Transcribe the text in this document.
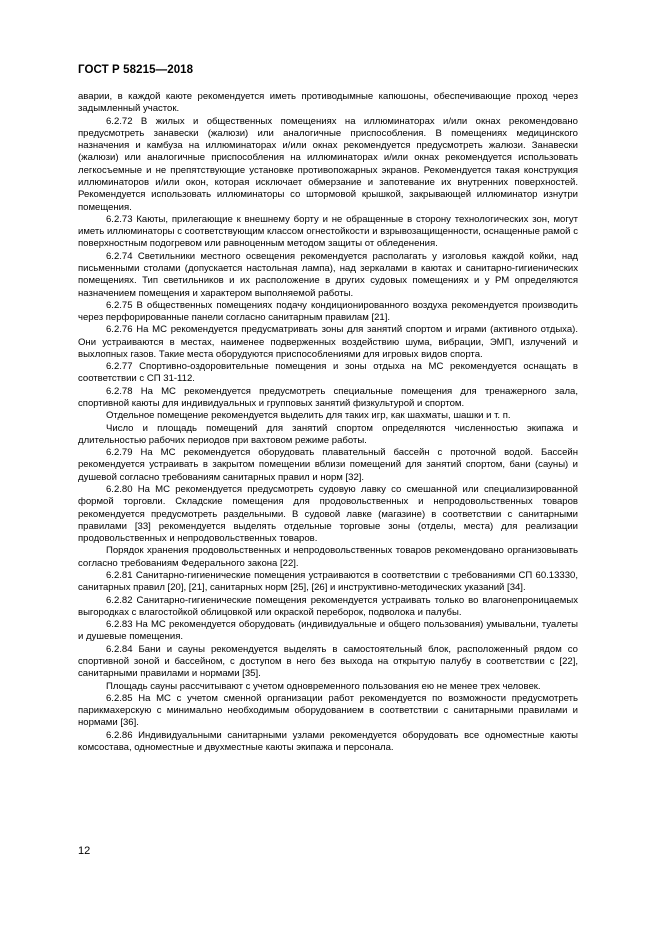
ГОСТ Р 58215—2018

аварии, в каждой каюте рекомендуется иметь противодымные капюшоны, обеспечивающие проход через задымленный участок.

6.2.72 В жилых и общественных помещениях на иллюминаторах и/или окнах рекомендовано предусмотреть занавески (жалюзи) или аналогичные приспособления. В помещениях медицинского назначения и камбуза на иллюминаторах и/или окнах рекомендуется предусмотреть жалюзи. Занавески (жалюзи) или аналогичные приспособления на иллюминаторах и/или окнах рекомендуется использовать легкосъемные и не препятствующие установке противопожарных экранов. Рекомендуется такая конструкция иллюминаторов и/или окон, которая исключает обмерзание и запотевание их внутренних поверхностей. Рекомендуется использовать иллюминаторы со штормовой крышкой, закрывающей иллюминатор изнутри помещения.

6.2.73 Каюты, прилегающие к внешнему борту и не обращенные в сторону технологических зон, могут иметь иллюминаторы с соответствующим классом огнестойкости и взрывозащищенности, оснащенные рамой с поверхностным подогревом или равноценным методом защиты от обледенения.

6.2.74 Светильники местного освещения рекомендуется располагать у изголовья каждой койки, над письменными столами (допускается настольная лампа), над зеркалами в каютах и санитарно-гигиенических помещениях. Тип светильников и их расположение в других судовых помещениях и у РМ определяются назначением помещения и характером выполняемой работы.

6.2.75 В общественных помещениях подачу кондиционированного воздуха рекомендуется производить через перфорированные панели согласно санитарным правилам [21].

6.2.76 На МС рекомендуется предусматривать зоны для занятий спортом и играми (активного отдыха). Они устраиваются в местах, наименее подверженных воздействию шума, вибрации, ЭМП, излучений и выхлопных газов. Такие места оборудуются приспособлениями для игровых видов спорта.

6.2.77 Спортивно-оздоровительные помещения и зоны отдыха на МС рекомендуется оснащать в соответствии с СП 31-112.

6.2.78 На МС рекомендуется предусмотреть специальные помещения для тренажерного зала, спортивной каюты для индивидуальных и групповых занятий физкультурой и спортом.

Отдельное помещение рекомендуется выделить для таких игр, как шахматы, шашки и т. п.

Число и площадь помещений для занятий спортом определяются численностью экипажа и длительностью рабочих периодов при вахтовом режиме работы.

6.2.79 На МС рекомендуется оборудовать плавательный бассейн с проточной водой. Бассейн рекомендуется устраивать в закрытом помещении вблизи помещений для занятий спортом, бани (сауны) и душевой согласно требованиям санитарных правил и норм [32].

6.2.80 На МС рекомендуется предусмотреть судовую лавку со смешанной или специализированной формой торговли. Складские помещения для продовольственных и непродовольственных товаров рекомендуется предусмотреть раздельными. В судовой лавке (магазине) в соответствии с санитарными правилами [33] рекомендуется выделять отдельные торговые зоны (отделы, места) для реализации продовольственных и непродовольственных товаров.

Порядок хранения продовольственных и непродовольственных товаров рекомендовано организовывать согласно требованиям Федерального закона [22].

6.2.81 Санитарно-гигиенические помещения устраиваются в соответствии с требованиями СП 60.13330, санитарных правил [20], [21], санитарных норм [25], [26] и инструктивно-методических указаний [34].

6.2.82 Санитарно-гигиенические помещения рекомендуется устраивать только во влагонепроницаемых выгородках с влагостойкой облицовкой или окраской переборок, подволока и палубы.

6.2.83 На МС рекомендуется оборудовать (индивидуальные и общего пользования) умывальни, туалеты и душевые помещения.

6.2.84 Бани и сауны рекомендуется выделять в самостоятельный блок, расположенный рядом со спортивной зоной и бассейном, с доступом в него без выхода на открытую палубу в соответствии с [22], санитарными правилами и нормами [35].

Площадь сауны рассчитывают с учетом одновременного пользования ею не менее трех человек.

6.2.85 На МС с учетом сменной организации работ рекомендуется по возможности предусмотреть парикмахерскую с минимально необходимым оборудованием в соответствии с санитарными правилами и нормами [36].

6.2.86 Индивидуальными санитарными узлами рекомендуется оборудовать все одноместные каюты комсостава, одноместные и двухместные каюты экипажа и персонала.

12
